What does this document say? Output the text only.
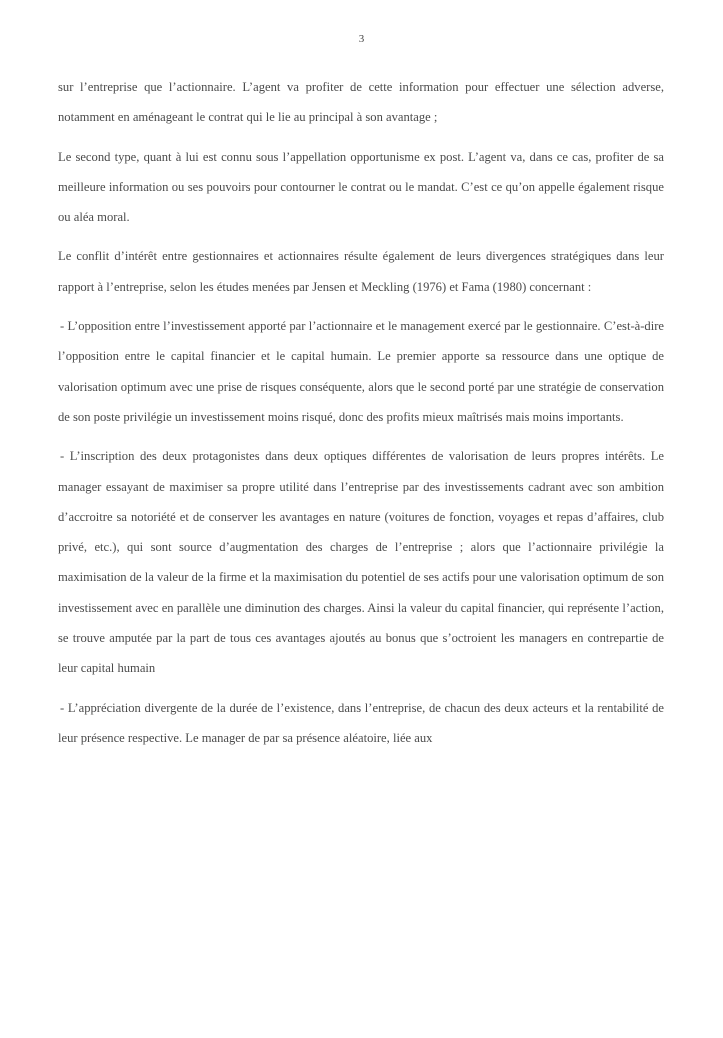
3

sur l’entreprise que l’actionnaire. L’agent va profiter de cette information pour effectuer une sélection adverse, notamment en aménageant le contrat qui le lie au principal à son avantage ;

Le second type, quant à lui est connu sous l’appellation opportunisme ex post. L’agent va, dans ce cas, profiter de sa meilleure information ou ses pouvoirs pour contourner le contrat ou le mandat. C’est ce qu’on appelle également risque ou aléa moral.

Le conflit d’intérêt entre gestionnaires et actionnaires résulte également de leurs divergences stratégiques dans leur rapport à l’entreprise, selon les études menées par Jensen et Meckling (1976) et Fama (1980) concernant :

- L’opposition entre l’investissement apporté par l’actionnaire et le management exercé par le gestionnaire. C’est-à-dire l’opposition entre le capital financier et le capital humain. Le premier apporte sa ressource dans une optique de valorisation optimum avec une prise de risques conséquente, alors que le second porté par une stratégie de conservation de son poste privilégie un investissement moins risqué, donc des profits mieux maîtrisés mais moins importants.

- L’inscription des deux protagonistes dans deux optiques différentes de valorisation de leurs propres intérêts. Le manager essayant de maximiser sa propre utilité dans l’entreprise par des investissements cadrant avec son ambition d’accroitre sa notoriété et de conserver les avantages en nature (voitures de fonction, voyages et repas d’affaires, club privé, etc.), qui sont source d’augmentation des charges de l’entreprise ; alors que l’actionnaire privilégie la maximisation de la valeur de la firme et la maximisation du potentiel de ses actifs pour une valorisation optimum de son investissement avec en parallèle une diminution des charges. Ainsi la valeur du capital financier, qui représente l’action, se trouve amputée par la part de tous ces avantages ajoutés au bonus que s’octroient les managers en contrepartie de leur capital humain

- L’appréciation divergente de la durée de l’existence, dans l’entreprise, de chacun des deux acteurs et la rentabilité de leur présence respective. Le manager de par sa présence aléatoire, liée aux
